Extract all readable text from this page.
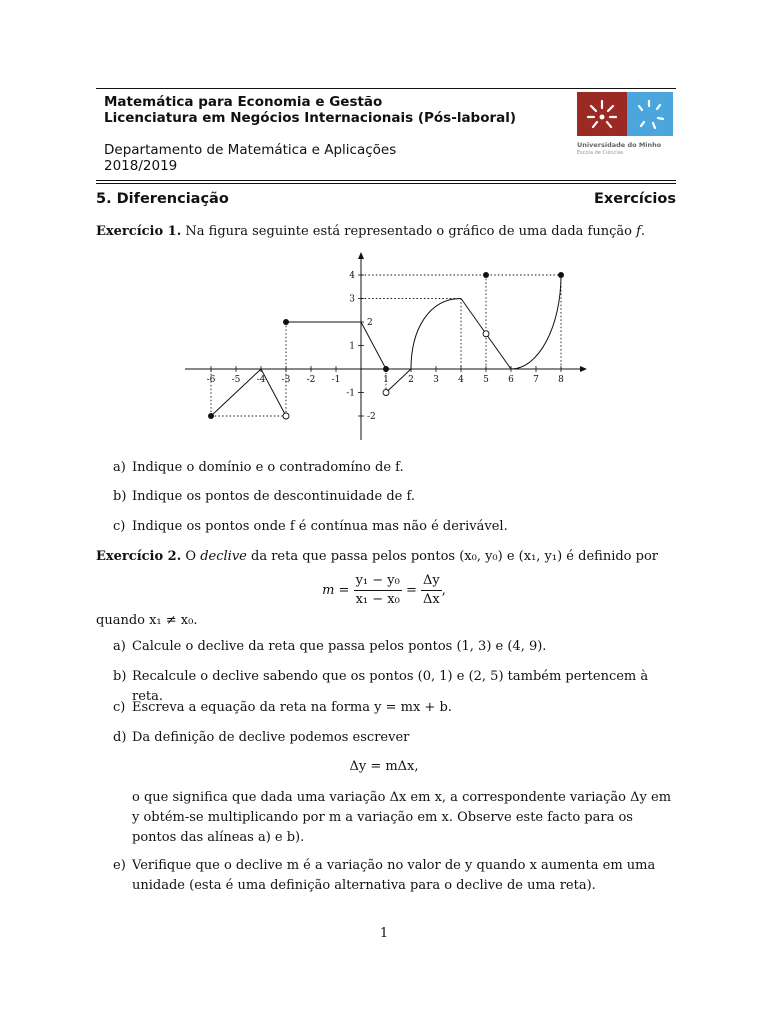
Matemática para Economia e Gestão
Licenciatura em Negócios Internacionais (Pós-laboral)
Departamento de Matemática e Aplicações
2018/2019
Universidade do Minho
Escola de Ciências
5. Diferenciação	Exercícios
Exercício 1. Na figura seguinte está representado o gráfico de uma dada função f.
-6 -5 -4 -3 -2 -1	1 2 3 4 5 6 7 8
4
3
2
1
-1
-2
a) Indique o domínio e o contradomíno de f.
b) Indique os pontos de descontinuidade de f.
c) Indique os pontos onde f é contínua mas não é derivável.
Exercício 2. O declive da reta que passa pelos pontos (x₀, y₀) e (x₁, y₁) é definido por
$m = \frac{\text{y₁ − y₀}}{\text{x₁ − x₀}} = \frac{\Delta y}{\Delta x}$ ,
quando x₁ ≠ x₀.
a) Calcule o declive da reta que passa pelos pontos (1, 3) e (4, 9).
b) Recalcule o declive sabendo que os pontos (0, 1) e (2, 5) também pertencem à reta.
c) Escreva a equação da reta na forma y = mx + b.
d) Da definição de declive podemos escrever
Δy = mΔx,
o que significa que dada uma variação Δx em x, a correspondente variação Δy em y obtém-se multiplicando por m a variação em x. Observe este facto para os pontos das alíneas a) e b).
e) Verifique que o declive m é a variação no valor de y quando x aumenta em uma unidade (esta é uma definição alternativa para o declive de uma reta).
1
